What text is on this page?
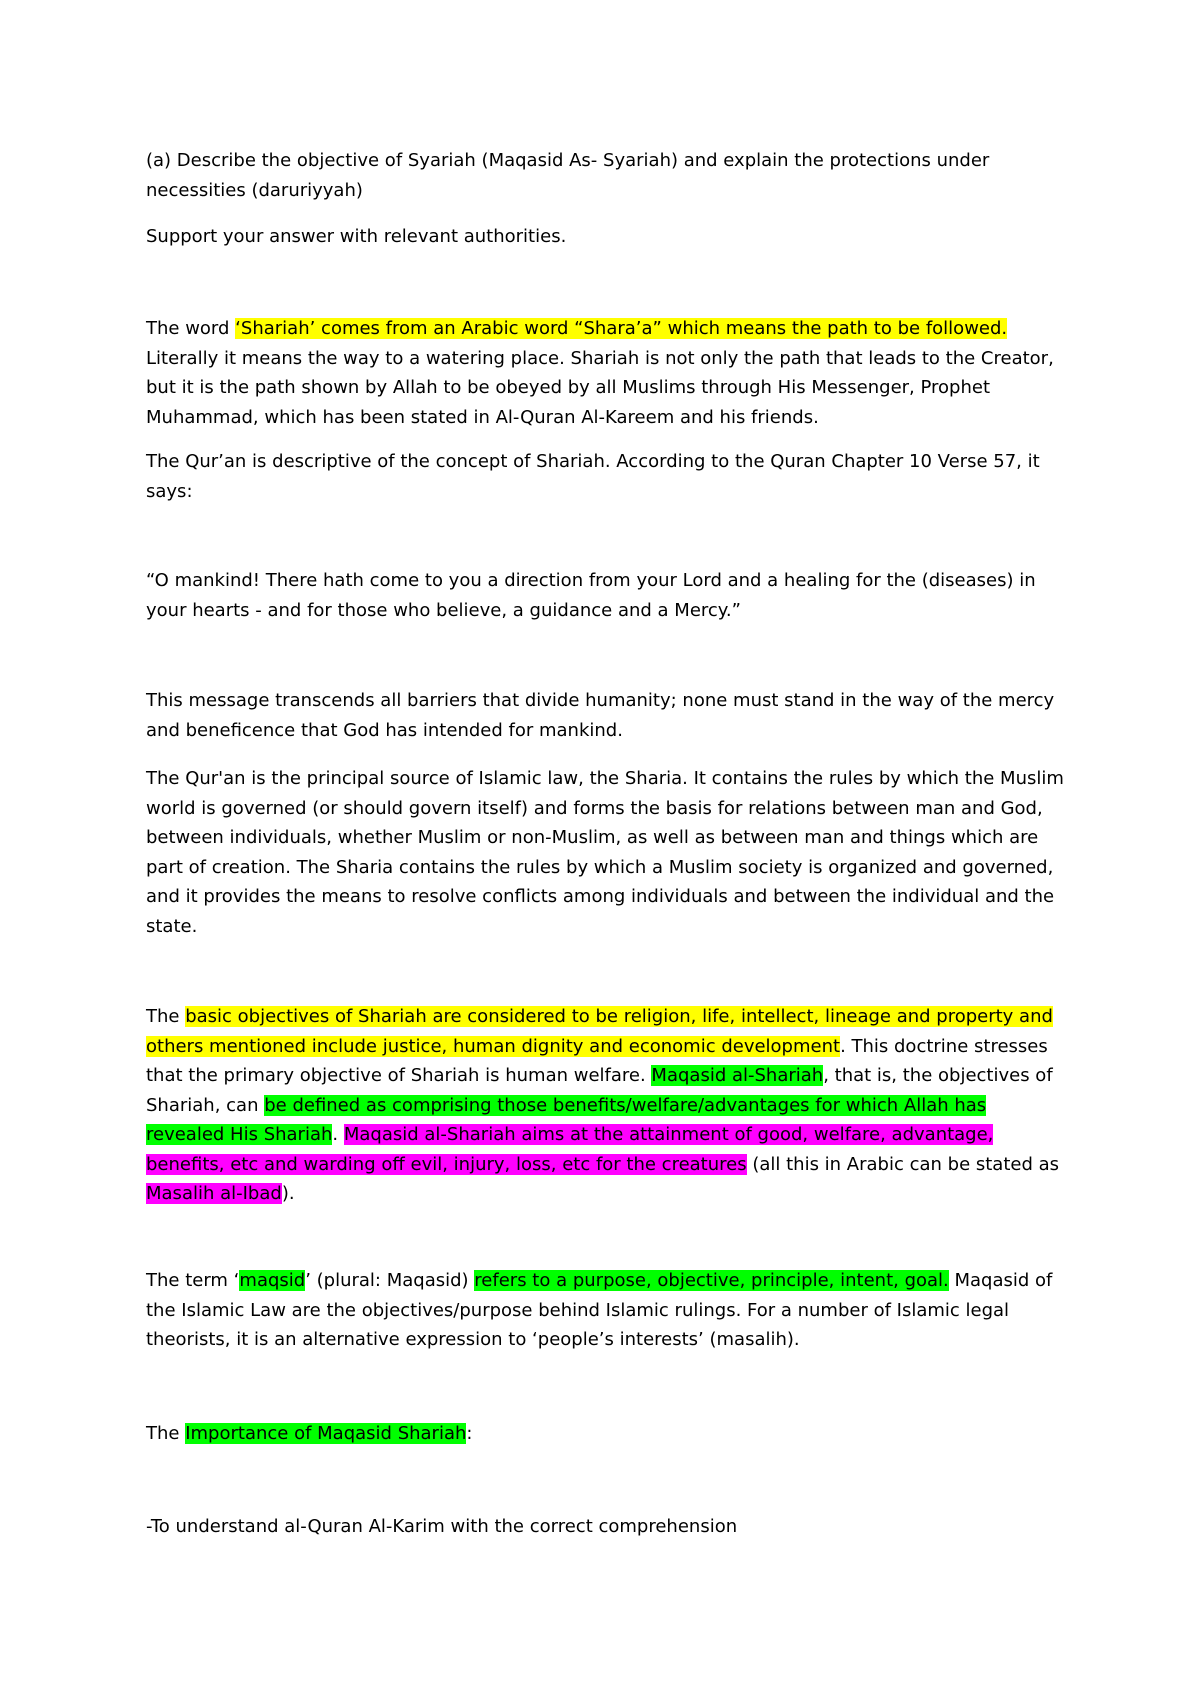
(a) Describe the objective of Syariah (Maqasid As- Syariah) and explain the protections under necessities (daruriyyah)

Support your answer with relevant authorities.

The word ‘Shariah’ comes from an Arabic word “Shara’a” which means the path to be followed. Literally it means the way to a watering place. Shariah is not only the path that leads to the Creator, but it is the path shown by Allah to be obeyed by all Muslims through His Messenger, Prophet Muhammad, which has been stated in Al-Quran Al-Kareem and his friends.

The Qur’an is descriptive of the concept of Shariah. According to the Quran Chapter 10 Verse 57, it says:

“O mankind! There hath come to you a direction from your Lord and a healing for the (diseases) in your hearts - and for those who believe, a guidance and a Mercy.”

This message transcends all barriers that divide humanity; none must stand in the way of the mercy and beneficence that God has intended for mankind.

The Qur'an is the principal source of Islamic law, the Sharia. It contains the rules by which the Muslim world is governed (or should govern itself) and forms the basis for relations between man and God, between individuals, whether Muslim or non-Muslim, as well as between man and things which are part of creation. The Sharia contains the rules by which a Muslim society is organized and governed, and it provides the means to resolve conflicts among individuals and between the individual and the state.

The basic objectives of Shariah are considered to be religion, life, intellect, lineage and property and others mentioned include justice, human dignity and economic development. This doctrine stresses that the primary objective of Shariah is human welfare. Maqasid al-Shariah, that is, the objectives of Shariah, can be defined as comprising those benefits/welfare/advantages for which Allah has revealed His Shariah. Maqasid al-Shariah aims at the attainment of good, welfare, advantage, benefits, etc and warding off evil, injury, loss, etc for the creatures (all this in Arabic can be stated as Masalih al-Ibad).

The term ‘maqsid’ (plural: Maqasid) refers to a purpose, objective, principle, intent, goal. Maqasid of the Islamic Law are the objectives/purpose behind Islamic rulings. For a number of Islamic legal theorists, it is an alternative expression to ‘people’s interests’ (masalih).

The Importance of Maqasid Shariah:

-To understand al-Quran Al-Karim with the correct comprehension
